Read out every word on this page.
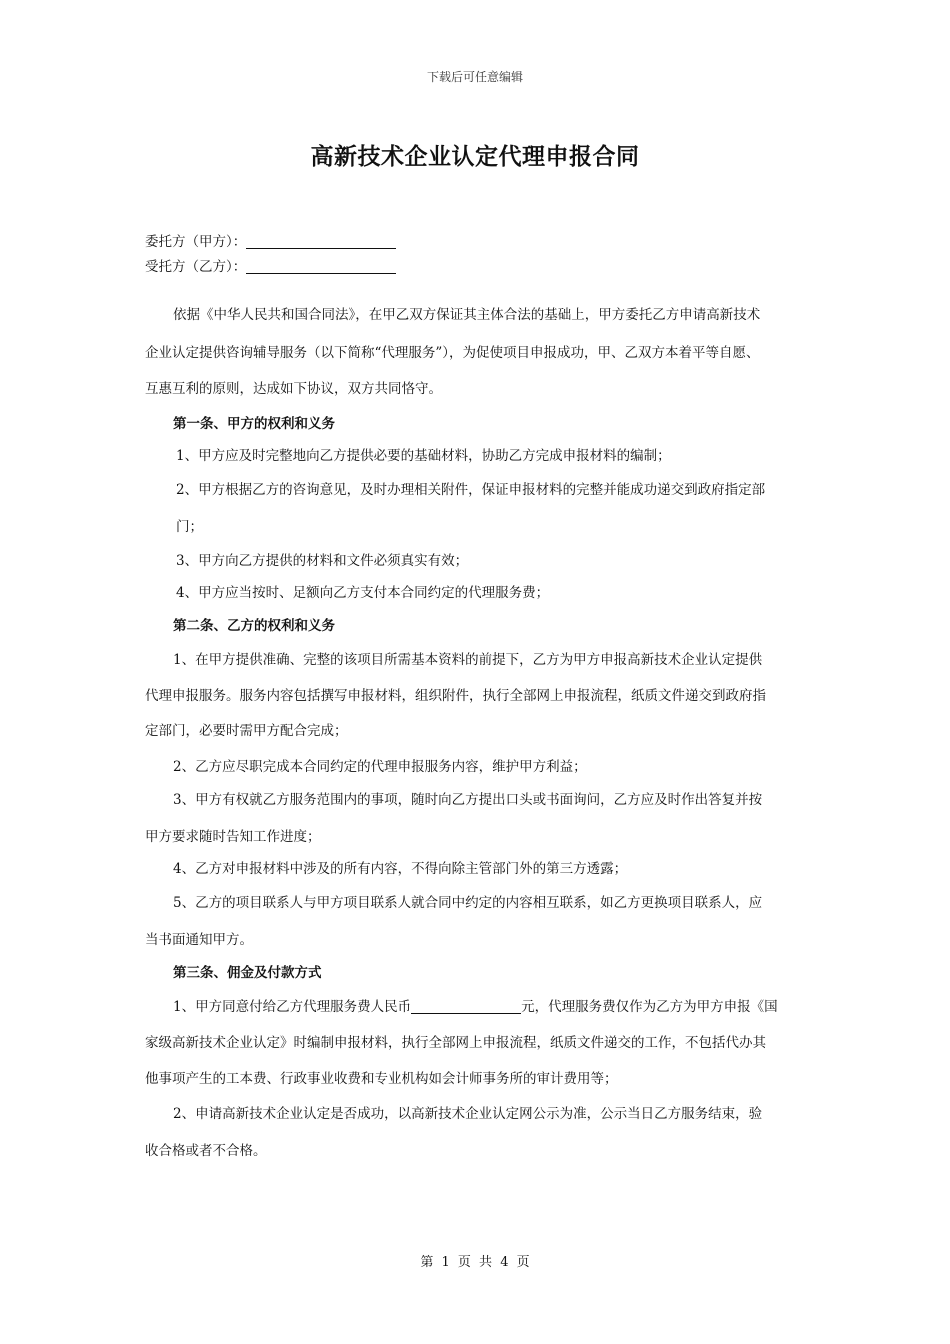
下载后可任意编辑
高新技术企业认定代理申报合同
委托方（甲方）：
受托方（乙方）：
依据《中华人民共和国合同法》，在甲乙双方保证其主体合法的基础上，甲方委托乙方申请高新技术
企业认定提供咨询辅导服务（以下简称“代理服务”），为促使项目申报成功，甲、乙双方本着平等自愿、
互惠互利的原则，达成如下协议，双方共同恪守。
第一条、甲方的权利和义务
1、甲方应及时完整地向乙方提供必要的基础材料，协助乙方完成申报材料的编制；
2、甲方根据乙方的咨询意见，及时办理相关附件，保证申报材料的完整并能成功递交到政府指定部
门；
3、甲方向乙方提供的材料和文件必须真实有效；
4、甲方应当按时、足额向乙方支付本合同约定的代理服务费；
第二条、乙方的权利和义务
1、在甲方提供准确、完整的该项目所需基本资料的前提下，乙方为甲方申报高新技术企业认定提供
代理申报服务。服务内容包括撰写申报材料，组织附件，执行全部网上申报流程，纸质文件递交到政府指
定部门，必要时需甲方配合完成；
2、乙方应尽职完成本合同约定的代理申报服务内容，维护甲方利益；
3、甲方有权就乙方服务范围内的事项，随时向乙方提出口头或书面询问，乙方应及时作出答复并按
甲方要求随时告知工作进度；
4、乙方对申报材料中涉及的所有内容，不得向除主管部门外的第三方透露；
5、乙方的项目联系人与甲方项目联系人就合同中约定的内容相互联系，如乙方更换项目联系人，应
当书面通知甲方。
第三条、佣金及付款方式
1、甲方同意付给乙方代理服务费人民币	元，代理服务费仅作为乙方为甲方申报《国
家级高新技术企业认定》时编制申报材料，执行全部网上申报流程，纸质文件递交的工作，不包括代办其
他事项产生的工本费、行政事业收费和专业机构如会计师事务所的审计费用等；
2、申请高新技术企业认定是否成功，以高新技术企业认定网公示为准，公示当日乙方服务结束，验
收合格或者不合格。
第 1 页 共 4 页
